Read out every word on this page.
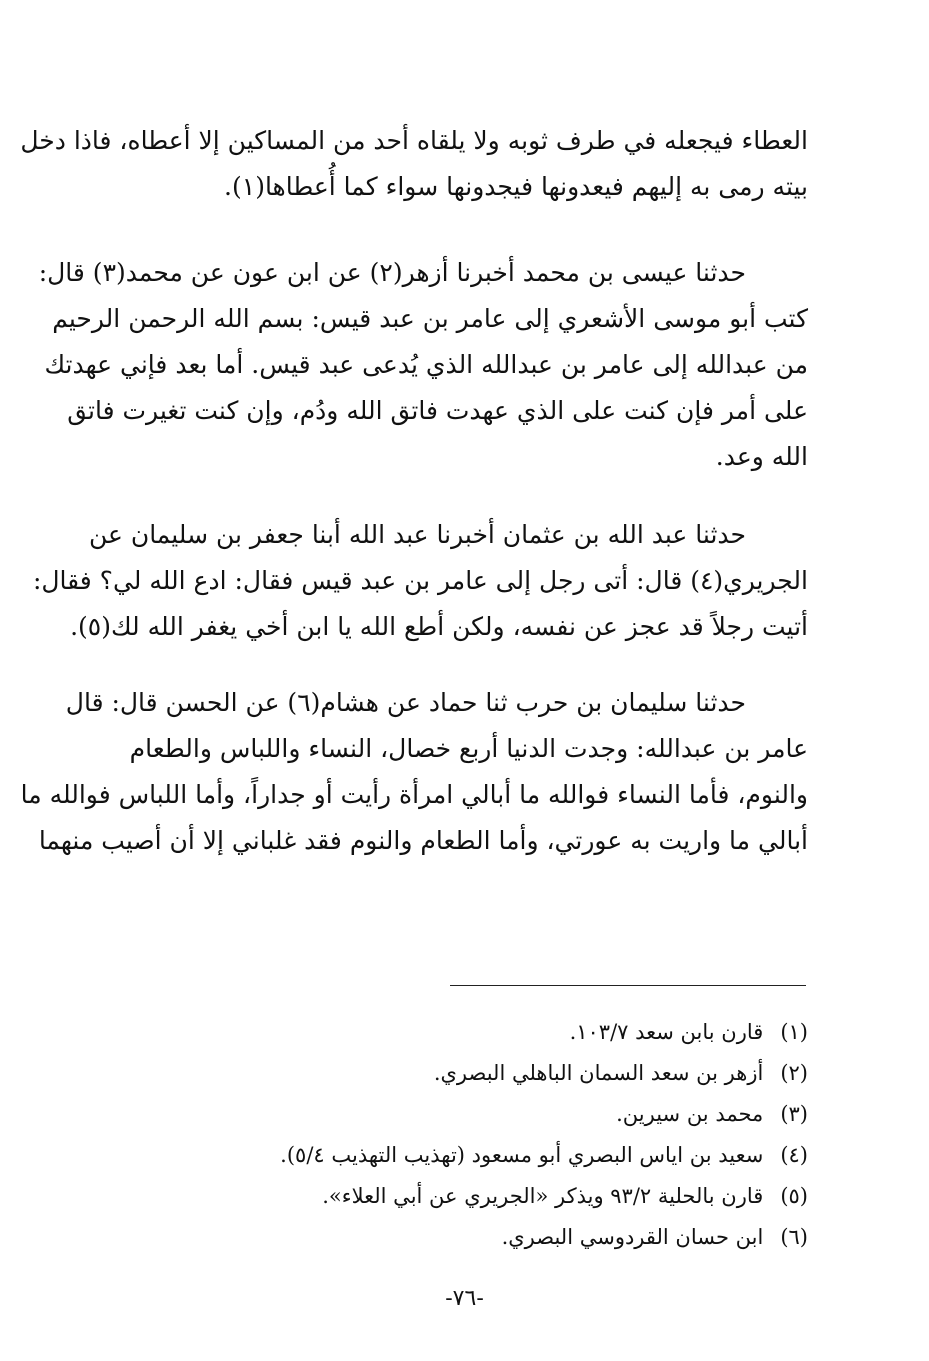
العطاء فيجعله في طرف ثوبه ولا يلقاه أحد من المساكين إلا أعطاه، فاذا دخل
بيته رمى به إليهم فيعدونها فيجدونها سواء كما أُعطاها(١).

حدثنا عيسى بن محمد أخبرنا أزهر(٢) عن ابن عون عن محمد(٣) قال:
كتب أبو موسى الأشعري إلى عامر بن عبد قيس: بسم الله الرحمن الرحيم
من عبدالله إلى عامر بن عبدالله الذي يُدعى عبد قيس. أما بعد فإني عهدتك
على أمر فإن كنت على الذي عهدت فاتق الله ودُم، وإن كنت تغيرت فاتق
الله وعد.

حدثنا عبد الله بن عثمان أخبرنا عبد الله أبنا جعفر بن سليمان عن
الجريري(٤) قال: أتى رجل إلى عامر بن عبد قيس فقال: ادع الله لي؟ فقال:
أتيت رجلاً قد عجز عن نفسه، ولكن أطع الله يا ابن أخي يغفر الله لك(٥).

حدثنا سليمان بن حرب ثنا حماد عن هشام(٦) عن الحسن قال: قال
عامر بن عبدالله: وجدت الدنيا أربع خصال، النساء واللباس والطعام
والنوم، فأما النساء فوالله ما أبالي امرأة رأيت أو جداراً، وأما اللباس فوالله ما
أبالي ما واريت به عورتي، وأما الطعام والنوم فقد غلباني إلا أن أصيب منهما

(١) قارن بابن سعد ١٠٣/٧.
(٢) أزهر بن سعد السمان الباهلي البصري.
(٣) محمد بن سيرين.
(٤) سعيد بن اياس البصري أبو مسعود (تهذيب التهذيب ٥/٤).
(٥) قارن بالحلية ٩٣/٢ ويذكر «الجريري عن أبي العلاء».
(٦) ابن حسان القردوسي البصري.
-٧٦-
